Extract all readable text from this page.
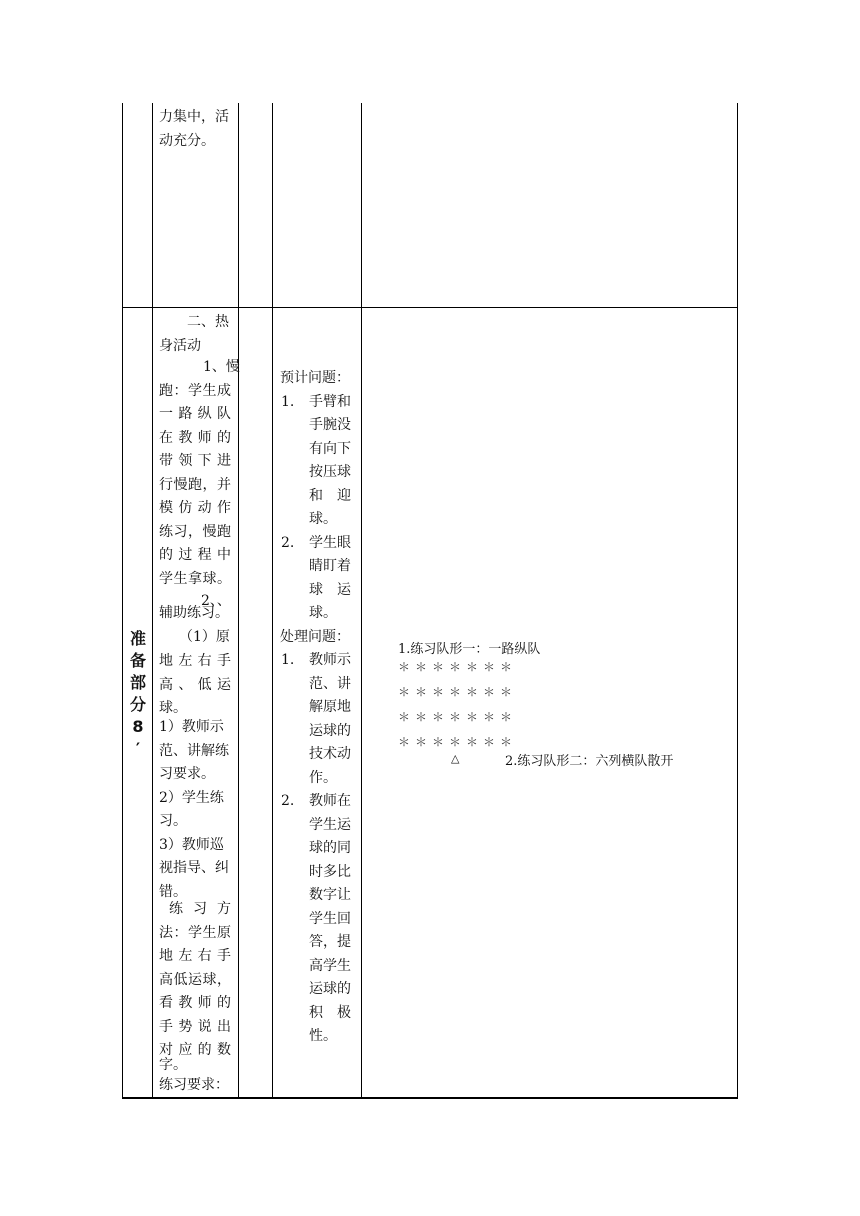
力集中，活
动充分。
准
备
部
分
8
′
二、热
身活动
1、慢
跑：学生成
一路纵队
在教师的
带领下进
行慢跑，并
模仿动作
练习，慢跑
的过程中
学生拿球。
2、、
辅助练习。
（1）原
地左右手
高、低运
球。
1）教师示
范、讲解练
习要求。
2）学生练
习。
3）教师巡
视指导、纠
错。
练习方
法：学生原
地左右手
高低运球，
看教师的
手势说出
对应的数
字。
练习要求：
预计问题：
1. 手臂和
手腕没
有向下
按压球
和　迎
球。
2. 学生眼
睛盯着
球　运
球。
处理问题：
1. 教师示
范、讲
解原地
运球的
技术动
作。
2. 教师在
学生运
球的同
时多比
数字让
学生回
答，提
高学生
运球的
积　极
性。
1.练习队形一：一路纵队
＊＊＊＊＊＊＊
＊＊＊＊＊＊＊
＊＊＊＊＊＊＊
＊＊＊＊＊＊＊
△	2.练习队形二：六列横队散开
